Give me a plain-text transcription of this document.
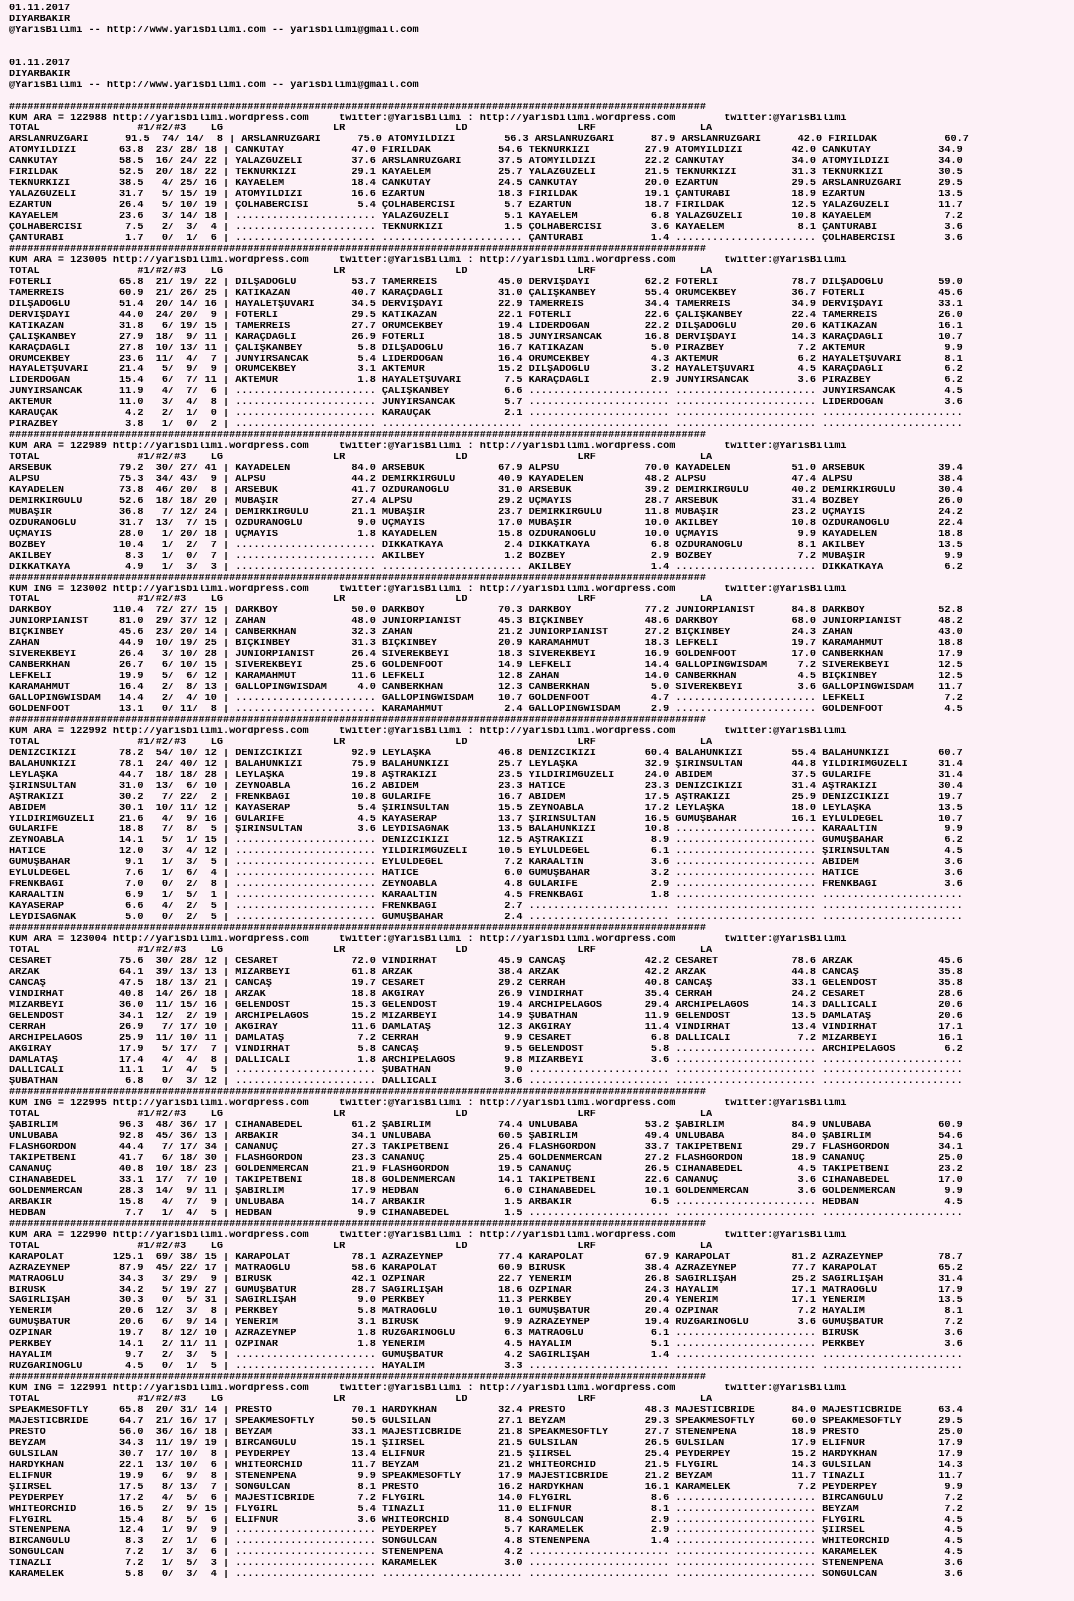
01.11.2017
DIYARBAKIR
@YarisBilimi -- http://www.yarisbilimi.com -- yarisbilimi@gmail.com
01.11.2017
DIYARBAKIR
@YarisBilimi -- http://www.yarisbilimi.com -- yarisbilimi@gmail.com
##################################################################################################################
KUM ARA = 122988 http://yarisbilimi.wordpress.com     twitter:@YarisBilimi : http://yarisbilimi.wordpress.com        twitter:@YarisBilimi
TOTAL                #1/#2/#3    LG                  LR                  LD                  LRF                 LA
ARSLANRÜZGARI      91.5  74/ 14/  8 | ARSLANRÜZGARI      75.0 ATOMYILDIZI        56.3 ARSLANRÜZGARI      87.9 ARSLANRÜZGARI      42.0 FIRILDAK           60.7
ATOMYILDIZI       63.8  23/ 28/ 18 | CANKUTAY           47.0 FIRILDAK           54.6 TEKNURKIZI         27.9 ATOMYILDIZI        42.0 CANKUTAY           34.9
CANKUTAY          58.5  16/ 24/ 22 | YALAZGÜZELİ        37.6 ARSLANRÜZGARI      37.5 ATOMYILDIZI        22.2 CANKUTAY           34.0 ATOMYILDIZI        34.0
FIRILDAK          52.5  20/ 18/ 22 | TEKNURKIZI         29.1 KAYAELEM           25.7 YALAZGÜZELİ        21.5 TEKNURKIZI         31.3 TEKNURKIZI         30.5
TEKNURKIZI        38.5   4/ 25/ 16 | KAYAELEM           18.4 CANKUTAY           24.5 CANKUTAY           20.0 EZARTUN            29.5 ARSLANRÜZGARI      29.5
YALAZGÜZELİ       31.7   5/ 15/ 19 | ATOMYILDIZI        16.6 EZARTUN            18.3 FIRILDAK           19.1 ÇANTURABİ          18.9 EZARTUN            13.5
EZARTUN           26.4   5/ 10/ 19 | ÇOLHABERCİSİ        5.4 ÇOLHABERCİSİ        5.7 EZARTUN            18.7 FIRILDAK           12.5 YALAZGÜZELİ        11.7
KAYAELEM          23.6   3/ 14/ 18 | ....................... YALAZGÜZELİ         5.1 KAYAELEM            6.8 YALAZGÜZELİ        10.8 KAYAELEM            7.2
ÇOLHABERCİSİ       7.5   2/  3/  4 | ....................... TEKNURKIZI          1.5 ÇOLHABERCİSİ        3.6 KAYAELEM            8.1 ÇANTURABİ           3.6
ÇANTURABİ          1.7   0/  1/  6 | ....................... ....................... ÇANTURABİ           1.4 ....................... ÇOLHABERCİSİ        3.6
##################################################################################################################
KUM ARA = 123005 http://yarisbilimi.wordpress.com     twitter:@YarisBilimi : http://yarisbilimi.wordpress.com        twitter:@YarisBilimi
TOTAL                #1/#2/#3    LG                  LR                  LD                  LRF                 LA
FOTERLİ           65.8  21/ 19/ 22 | DİLŞADOĞLU         53.7 TAMERREİS          45.0 DERVİŞDAYI         62.2 FOTERLİ            78.7 DİLŞADOĞLU         59.0
TAMERREİS         60.9  21/ 26/ 25 | KATİKAZAN          40.7 KARAÇDAGLI         31.0 ÇALIŞKANBEY        55.4 ÖRÜMCEKBEY         36.7 FOTERLİ            45.6
DİLŞADOĞLU        51.4  20/ 14/ 16 | HAYALETŞUVARİ      34.5 DERVİŞDAYI         22.9 TAMERREİS          34.4 TAMERREİS          34.9 DERVİŞDAYI         33.1
DERVİŞDAYI        44.0  24/ 20/  9 | FOTERLİ            29.5 KATİKAZAN          22.1 FOTERLİ            22.6 ÇALIŞKANBEY        22.4 TAMERREİS          26.0
KATİKAZAN         31.8   6/ 19/ 15 | TAMERREİS          27.7 ÖRÜMCEKBEY         19.4 LİDERDOĞAN         22.2 DİLŞADOĞLU         20.6 KATİKAZAN          16.1
ÇALIŞKANBEY       27.9  18/  9/ 11 | KARAÇDAGLI         26.9 FOTERLİ            18.5 JUNYİRSANCAK       16.8 DERVİŞDAYI         14.3 KARAÇDAGLI         10.7
KARAÇDAGLI        27.8  10/ 13/ 11 | ÇALIŞKANBEY         5.8 DİLŞADOĞLU         16.7 KATİKAZAN           5.0 PİRAZBEY            7.2 AKTEMÜR             9.9
ÖRÜMCEKBEY        23.6  11/  4/  7 | JUNYİRSANCAK        5.4 LİDERDOĞAN         16.4 ÖRÜMCEKBEY          4.3 AKTEMÜR             6.2 HAYALETŞUVARİ       8.1
HAYALETŞUVARİ     21.4   5/  9/  9 | ÖRÜMCEKBEY          3.1 AKTEMÜR            15.2 DİLŞADOĞLU          3.2 HAYALETŞUVARİ       4.5 KARAÇDAGLI          6.2
LİDERDOĞAN        15.4   6/  7/ 11 | AKTEMÜR             1.8 HAYALETŞUVARİ       7.5 KARAÇDAGLI          2.9 JUNYİRSANCAK        3.6 PİRAZBEY            6.2
JUNYİRSANCAK      11.9   4/  7/  6 | ....................... ÇALIŞKANBEY         6.6 ....................... ....................... JUNYİRSANCAK        4.5
AKTEMÜR           11.0   3/  4/  8 | ....................... JUNYİRSANCAK        5.7 ....................... ....................... LİDERDOĞAN          3.6
KARAUÇAK           4.2   2/  1/  0 | ....................... KARAUÇAK            2.1 ....................... ....................... .......................
PİRAZBEY           3.8   1/  0/  2 | ....................... ....................... ....................... ....................... .......................
##################################################################################################################
KUM ARA = 122989 http://yarisbilimi.wordpress.com     twitter:@YarisBilimi : http://yarisbilimi.wordpress.com        twitter:@YarisBilimi
TOTAL                #1/#2/#3    LG                  LR                  LD                  LRF                 LA
ARSEBÜK           79.2  30/ 27/ 41 | KAYADELEN          84.0 ARSEBÜK            67.9 ALPSU              70.0 KAYADELEN          51.0 ARSEBÜK            39.4
ALPSU             75.3  34/ 43/  9 | ALPSU              44.2 DEMİRKIRGÜLÜ       40.9 KAYADELEN          48.2 ALPSU              47.4 ALPSU              38.4
KAYADELEN         73.8  46/ 20/  8 | ARSEBÜK            41.7 ÖZDURANOĞLU        31.0 ARSEBÜK            39.2 DEMİRKIRGÜLÜ       40.2 DEMİRKIRGÜLÜ       30.4
DEMİRKIRGÜLÜ      52.6  18/ 18/ 20 | MUBAŞİR            27.4 ALPSU              29.2 ÜÇMAYIS            28.7 ARSEBÜK            31.4 BOZBEY             26.0
MUBAŞİR           36.8   7/ 12/ 24 | DEMİRKIRGÜLÜ       21.1 MUBAŞİR            23.7 DEMİRKIRGÜLÜ       11.8 MUBAŞİR            23.2 ÜÇMAYIS            24.2
ÖZDURANOĞLU       31.7  13/  7/ 15 | ÖZDURANOĞLU         9.0 ÜÇMAYIS            17.0 MUBAŞİR            10.0 AKILBEY            10.8 ÖZDURANOĞLU        22.4
ÜÇMAYIS           28.0   1/ 20/ 18 | ÜÇMAYIS             1.8 KAYADELEN          15.8 ÖZDURANOĞLU        10.0 ÜÇMAYIS             9.9 KAYADELEN          18.8
BOZBEY            10.4   1/  2/  7 | ....................... DİKKATKAYA          2.4 DİKKATKAYA          6.8 ÖZDURANOĞLU         8.1 AKILBEY            13.5
AKILBEY            8.3   1/  0/  7 | ....................... AKILBEY             1.2 BOZBEY              2.9 BOZBEY              7.2 MUBAŞİR             9.9
DİKKATKAYA         4.9   1/  3/  3 | ....................... ....................... AKILBEY             1.4 ....................... DİKKATKAYA          6.2
##################################################################################################################
KUM ING = 123002 http://yarisbilimi.wordpress.com     twitter:@YarisBilimi : http://yarisbilimi.wordpress.com        twitter:@YarisBilimi
TOTAL                #1/#2/#3    LG                  LR                  LD                  LRF                 LA
DARKBOY          110.4  72/ 27/ 15 | DARKBOY            50.0 DARKBOY            70.3 DARKBOY            77.2 JUNIORPIANIST      84.8 DARKBOY            52.8
JUNIORPIANIST     81.0  29/ 37/ 12 | ZAHAN              48.0 JUNIORPIANIST      45.3 BIÇKINBEY          48.6 DARKBOY            68.0 JUNIORPIANIST      48.2
BIÇKINBEY         45.6  23/ 20/ 14 | CANBERKHAN         32.3 ZAHAN              21.2 JUNIORPIANIST      27.2 BIÇKINBEY          24.3 ZAHAN              43.0
ZAHAN             44.9  10/ 19/ 25 | BIÇKINBEY          31.3 BIÇKINBEY          20.9 KARAMAHMUT         18.3 LEFKELİ            19.7 KARAMAHMUT         18.8
SİVEREKBEYİ       26.4   3/ 10/ 28 | JUNIORPIANIST      26.4 SİVEREKBEYİ        18.3 SİVEREKBEYİ        16.9 GOLDENFOOT         17.0 CANBERKHAN         17.9
CANBERKHAN        26.7   6/ 10/ 15 | SİVEREKBEYİ        25.6 GOLDENFOOT         14.9 LEFKELİ            14.4 GALLOPINGWISDAM     7.2 SİVEREKBEYİ        12.5
LEFKELİ           19.9   5/  6/ 12 | KARAMAHMUT         11.6 LEFKELİ            12.8 ZAHAN              14.0 CANBERKHAN          4.5 BIÇKINBEY          12.5
KARAMAHMUT        16.4   2/  8/ 13 | GALLOPINGWISDAM     4.0 CANBERKHAN         12.3 CANBERKHAN          5.0 SİVEREKBEYİ         3.6 GALLOPINGWISDAM    11.7
GALLOPINGWISDAM   14.4   2/  4/ 10 | ....................... GALLOPINGWISDAM    10.7 GOLDENFOOT          4.7 ....................... LEFKELİ             7.2
GOLDENFOOT        13.1   0/ 11/  8 | ....................... KARAMAHMUT          2.4 GALLOPINGWISDAM     2.9 ....................... GOLDENFOOT          4.5
##################################################################################################################
KUM ARA = 122992 http://yarisbilimi.wordpress.com     twitter:@YarisBilimi : http://yarisbilimi.wordpress.com        twitter:@YarisBilimi
TOTAL                #1/#2/#3    LG                  LR                  LD                  LRF                 LA
DENİZCİKIZI       78.2  54/ 10/ 12 | DENİZCİKIZI        92.9 LEYLAŞKA           46.8 DENİZCİKIZI        60.4 BALAHUNKIZI        55.4 BALAHUNKIZI        60.7
BALAHUNKIZI       78.1  24/ 40/ 12 | BALAHUNKIZI        75.9 BALAHUNKIZI        25.7 LEYLAŞKA           32.9 ŞİRİNSULTAN        44.8 YILDIRIMGÜZELİ     31.4
LEYLAŞKA          44.7  18/ 18/ 28 | LEYLAŞKA           19.8 AŞTRAKIZI          23.5 YILDIRIMGÜZELİ     24.0 ABİDEM             37.5 GULARİFE           31.4
ŞİRİNSULTAN       31.0  13/  6/ 10 | ZEYNOABLA          16.2 ABİDEM             23.3 HATİCE             23.3 DENİZCİKIZI        31.4 AŞTRAKIZI          30.4
AŞTRAKIZI         30.2   7/ 22/  2 | FRENKBAĞI          10.8 GULARİFE           16.7 ABİDEM             17.5 AŞTRAKIZI          25.9 DENİZCİKIZI        19.7
ABİDEM            30.1  10/ 11/ 12 | KAYASERAP           5.4 ŞİRİNSULTAN        15.5 ZEYNOABLA          17.2 LEYLAŞKA           18.0 LEYLAŞKA           13.5
YILDIRIMGÜZELİ    21.6   4/  9/ 16 | GULARİFE            4.5 KAYASERAP          13.7 ŞİRİNSULTAN        16.5 GÜMÜŞBAHAR         16.1 EYLÜLDEGEL         10.7
GULARİFE          18.8   7/  8/  5 | ŞİRİNSULTAN         3.6 LEYDİSAGNAK        13.5 BALAHUNKIZI        10.8 ....................... KARAALTIN           9.9
ZEYNOABLA         14.1   5/  1/ 15 | ....................... DENİZCİKIZI        12.5 AŞTRAKIZI           8.9 ....................... GÜMÜŞBAHAR          6.2
HATİCE            12.0   3/  4/ 12 | ....................... YILDIRIMGÜZELİ     10.5 EYLÜLDEGEL          6.1 ....................... ŞİRİNSULTAN         4.5
GÜMÜŞBAHAR         9.1   1/  3/  5 | ....................... EYLÜLDEGEL          7.2 KARAALTIN           3.6 ....................... ABİDEM              3.6
EYLÜLDEGEL         7.6   1/  6/  4 | ....................... HATİCE              6.0 GÜMÜŞBAHAR          3.2 ....................... HATİCE              3.6
FRENKBAĞI          7.0   0/  2/  8 | ....................... ZEYNOABLA           4.8 GULARİFE            2.9 ....................... FRENKBAĞI           3.6
KARAALTIN          6.9   1/  5/  1 | ....................... KARAALTIN           4.5 FRENKBAĞI           1.8 ....................... .......................
KAYASERAP          6.6   4/  2/  5 | ....................... FRENKBAĞI           2.7 ....................... ....................... .......................
LEYDİSAGNAK        5.0   0/  2/  5 | ....................... GÜMÜŞBAHAR          2.4 ....................... ....................... .......................
##################################################################################################################
KUM ARA = 123004 http://yarisbilimi.wordpress.com     twitter:@YarisBilimi : http://yarisbilimi.wordpress.com        twitter:@YarisBilimi
TOTAL                #1/#2/#3    LG                  LR                  LD                  LRF                 LA
CESARET           75.6  30/ 28/ 12 | CESARET            72.0 VİNDİRHAT          45.9 CANCAŞ             42.2 CESARET            78.6 ARZAK              45.6
ARZAK             64.1  39/ 13/ 13 | MİZARBEYİ          61.8 ARZAK              38.4 ARZAK              42.2 ARZAK              44.8 CANCAŞ             35.8
CANCAŞ            47.5  18/ 13/ 21 | CANCAŞ             19.7 CESARET            29.2 CERRAH             40.8 CANCAŞ             33.1 GELENDOST          35.8
VİNDİRHAT         40.8  14/ 26/ 18 | ARZAK              18.8 AKGIRAY            26.9 VİNDİRHAT          35.4 CERRAH             24.2 CESARET            28.6
MİZARBEYİ         36.0  11/ 15/ 16 | GELENDOST          15.3 GELENDOST          19.4 ARCHİPELAGOS       29.4 ARCHİPELAGOS       14.3 DALLICALI          20.6
GELENDOST         34.1  12/  2/ 19 | ARCHİPELAGOS       15.2 MİZARBEYİ          14.9 ŞUBATHAN           11.9 GELENDOST          13.5 DAMLATAŞ           20.6
CERRAH            26.9   7/ 17/ 10 | AKGIRAY            11.6 DAMLATAŞ           12.3 AKGIRAY            11.4 VİNDİRHAT          13.4 VİNDİRHAT          17.1
ARCHİPELAGOS      25.9  11/ 10/ 11 | DAMLATAŞ            7.2 CERRAH              9.9 CESARET             6.8 DALLICALI           7.2 MİZARBEYİ          16.1
AKGIRAY           17.9   5/ 17/  7 | VİNDİRHAT           5.8 CANCAŞ              9.5 GELENDOST           5.8 ....................... ARCHİPELAGOS        6.2
DAMLATAŞ          17.4   4/  4/  8 | DALLICALI           1.8 ARCHİPELAGOS        9.8 MİZARBEYİ           3.6 ....................... .......................
DALLICALI         11.1   1/  4/  5 | ....................... ŞUBATHAN            9.0 ....................... ....................... .......................
ŞUBATHAN           6.8   0/  3/ 12 | ....................... DALLICALI           3.6 ....................... ....................... .......................
##################################################################################################################
KUM ING = 122995 http://yarisbilimi.wordpress.com     twitter:@YarisBilimi : http://yarisbilimi.wordpress.com        twitter:@YarisBilimi
TOTAL                #1/#2/#3    LG                  LR                  LD                  LRF                 LA
ŞABIRLIM          96.3  48/ 36/ 17 | CİHANABEDEL        61.2 ŞABIRLIM           74.4 ÜNLÜBABA           53.2 ŞABIRLIM           84.9 ÜNLÜBABA           60.9
ÜNLÜBABA          92.8  45/ 36/ 13 | ARBAKIR            34.1 ÜNLÜBABA           60.5 ŞABIRLIM           49.4 ÜNLÜBABA           84.0 ŞABIRLIM           54.6
FLASHGORDON       44.4   7/ 17/ 34 | CANANUÇ            27.3 TAKİPETBENİ        26.4 FLASHGORDON        33.7 TAKİPETBENİ        29.7 FLASHGORDON        34.1
TAKİPETBENİ       41.7   6/ 18/ 30 | FLASHGORDON        23.3 CANANUÇ            25.4 GOLDENMERCAN       27.2 FLASHGORDON        18.9 CANANUÇ            25.0
CANANUÇ           40.8  10/ 18/ 23 | GOLDENMERCAN       21.9 FLASHGORDON        19.5 CANANUÇ            26.5 CİHANABEDEL         4.5 TAKİPETBENİ        23.2
CİHANABEDEL       33.1  17/  7/ 10 | TAKİPETBENİ        18.8 GOLDENMERCAN       14.1 TAKİPETBENİ        22.6 CANANUÇ             3.6 CİHANABEDEL        17.0
GOLDENMERCAN      28.3  14/  9/ 11 | ŞABIRLIM           17.9 HEDBAN              6.0 CİHANABEDEL        10.1 GOLDENMERCAN        3.6 GOLDENMERCAN        9.9
ARBAKIR           15.8   4/  7/  9 | ÜNLÜBABA           14.7 ARBAKIR             1.5 ARBAKIR             6.5 ....................... HEDBAN              4.5
HEDBAN             7.7   1/  4/  5 | HEDBAN              9.9 CİHANABEDEL         1.5 ....................... ....................... .......................
##################################################################################################################
KUM ARA = 122990 http://yarisbilimi.wordpress.com     twitter:@YarisBilimi : http://yarisbilimi.wordpress.com        twitter:@YarisBilimi
TOTAL                #1/#2/#3    LG                  LR                  LD                  LRF                 LA
KARAPOLAT        125.1  69/ 38/ 15 | KARAPOLAT          78.1 AZRAZEYNEP         77.4 KARAPOLAT          67.9 KARAPOLAT          81.2 AZRAZEYNEP         78.7
AZRAZEYNEP        87.9  45/ 22/ 17 | MATRAOĞLU          58.6 KARAPOLAT          60.9 BIRUSK             38.4 AZRAZEYNEP         77.7 KARAPOLAT          65.2
MATRAOĞLU         34.3   3/ 29/  9 | BIRUSK             42.1 ÖZPINAR            22.7 YENERİM            26.8 SAGIRLIŞAH         25.2 SAGIRLIŞAH         31.4
BIRUSK            34.2   5/ 19/ 27 | GÜMÜŞBATUR         28.7 SAGIRLIŞAH         18.6 ÖZPINAR            24.3 HAYALİM            17.1 MATRAOĞLU          17.9
SAGIRLIŞAH        30.3   0/  5/ 31 | SAGIRLIŞAH          9.0 PERKBEY            11.3 PERKBEY            20.4 YENERİM            17.1 YENERİM            13.5
YENERİM           20.6  12/  3/  8 | PERKBEY             5.8 MATRAOĞLU          10.1 GÜMÜŞBATUR         20.4 ÖZPINAR             7.2 HAYALİM             8.1
GÜMÜŞBATUR        20.6   6/  9/ 14 | YENERİM             3.1 BIRUSK              9.9 AZRAZEYNEP         19.4 RÜZGARINOĞLU        3.6 GÜMÜŞBATUR          7.2
ÖZPINAR           19.7   8/ 12/ 10 | AZRAZEYNEP          1.8 RÜZGARINOĞLU        6.3 MATRAOĞLU           6.1 ....................... BIRUSK              3.6
PERKBEY           14.1   2/ 11/ 11 | ÖZPINAR             1.8 YENERİM             4.5 HAYALİM             5.1 ....................... PERKBEY             3.6
HAYALİM            9.7   2/  3/  5 | ....................... GÜMÜŞBATUR          4.2 SAGIRLIŞAH          1.4 ....................... .......................
RÜZGARINOĞLU       4.5   0/  1/  5 | ....................... HAYALİM             3.3 ....................... ....................... .......................
##################################################################################################################
KUM ING = 122991 http://yarisbilimi.wordpress.com     twitter:@YarisBilimi : http://yarisbilimi.wordpress.com        twitter:@YarisBilimi
TOTAL                #1/#2/#3    LG                  LR                  LD                  LRF                 LA
SPEAKMESOFTLY     65.8  20/ 31/ 14 | PRESTO             70.1 HARDYKHAN          32.4 PRESTO             48.3 MAJESTICBRIDE      84.0 MAJESTICBRIDE      63.4
MAJESTICBRIDE     64.7  21/ 16/ 17 | SPEAKMESOFTLY      50.5 GULSİLAN           27.1 BEYZAM             29.3 SPEAKMESOFTLY      60.0 SPEAKMESOFTLY      29.5
PRESTO            56.0  36/ 16/ 18 | BEYZAM             33.1 MAJESTICBRIDE      21.8 SPEAKMESOFTLY      27.7 STENENPENA         18.9 PRESTO             25.0
BEYZAM            34.3  11/ 19/ 19 | BİRCANGÜLÜ         15.1 ŞİİRSEL            21.5 GULSİLAN           26.5 GULSİLAN           17.9 ELİFNUR            17.9
GULSİLAN          30.7  17/ 10/  8 | PEYDERPEY          13.4 ELİFNUR            21.5 ŞİİRSEL            25.4 PEYDERPEY          15.2 HARDYKHAN          17.9
HARDYKHAN         22.1  13/ 10/  6 | WHITEORCHID        11.7 BEYZAM             21.2 WHITEORCHID        21.5 FLYGIRL            14.3 GULSİLAN           14.3
ELİFNUR           19.9   6/  9/  8 | STENENPENA          9.9 SPEAKMESOFTLY      17.9 MAJESTICBRIDE      21.2 BEYZAM             11.7 TINAZLI            11.7
ŞİİRSEL           17.5   8/ 13/  7 | SONGULCAN           8.1 PRESTO             16.2 HARDYKHAN          16.1 KARAMELEK           7.2 PEYDERPEY           9.9
PEYDERPEY         17.2   4/  5/  6 | MAJESTICBRIDE       7.2 FLYGIRL            14.0 FLYGIRL             8.6 ....................... BİRCANGÜLÜ          7.2
WHITEORCHID       16.5   2/  9/ 15 | FLYGIRL             5.4 TINAZLI            11.0 ELİFNUR             8.1 ....................... BEYZAM              7.2
FLYGIRL           15.4   8/  5/  6 | ELİFNUR             3.6 WHITEORCHID         8.4 SONGULCAN           2.9 ....................... FLYGIRL             4.5
STENENPENA        12.4   1/  9/  9 | ....................... PEYDERPEY           5.7 KARAMELEK           2.9 ....................... ŞİİRSEL             4.5
BİRCANGÜLÜ         8.3   2/  1/  6 | ....................... SONGULCAN           4.8 STENENPENA          1.4 ....................... WHITEORCHID         4.5
SONGULCAN          7.2   1/  3/  6 | ....................... STENENPENA          4.2 ....................... ....................... KARAMELEK           4.5
TINAZLI            7.2   1/  5/  3 | ....................... KARAMELEK           3.0 ....................... ....................... STENENPENA          3.6
KARAMELEK          5.8   0/  3/  4 | ....................... ....................... ....................... ....................... SONGULCAN           3.6
